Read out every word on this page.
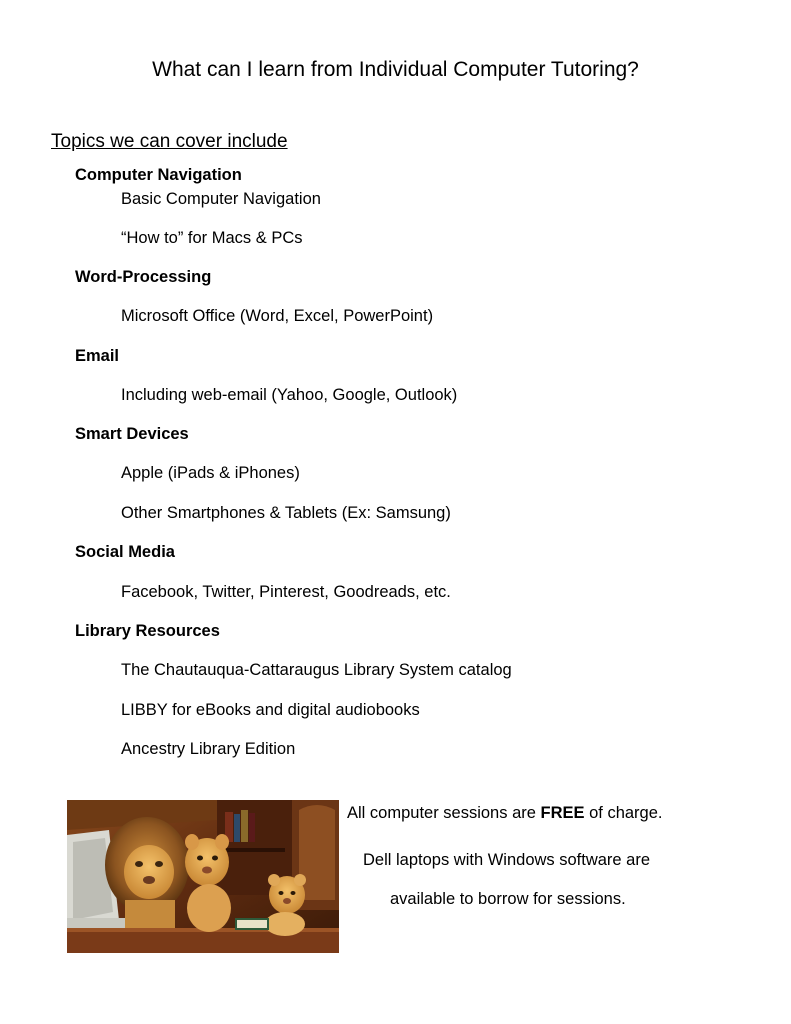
What can I learn from Individual Computer Tutoring?
Topics we can cover include
Computer Navigation
Basic Computer Navigation
“How to” for Macs & PCs
Word-Processing
Microsoft Office (Word, Excel, PowerPoint)
Email
Including web-email (Yahoo, Google, Outlook)
Smart Devices
Apple (iPads & iPhones)
Other Smartphones & Tablets (Ex: Samsung)
Social Media
Facebook, Twitter, Pinterest, Goodreads, etc.
Library Resources
The Chautauqua-Cattaraugus Library System catalog
LIBBY for eBooks and digital audiobooks
Ancestry Library Edition
All computer sessions are FREE of charge.
Dell laptops with Windows software are
available to borrow for sessions.
